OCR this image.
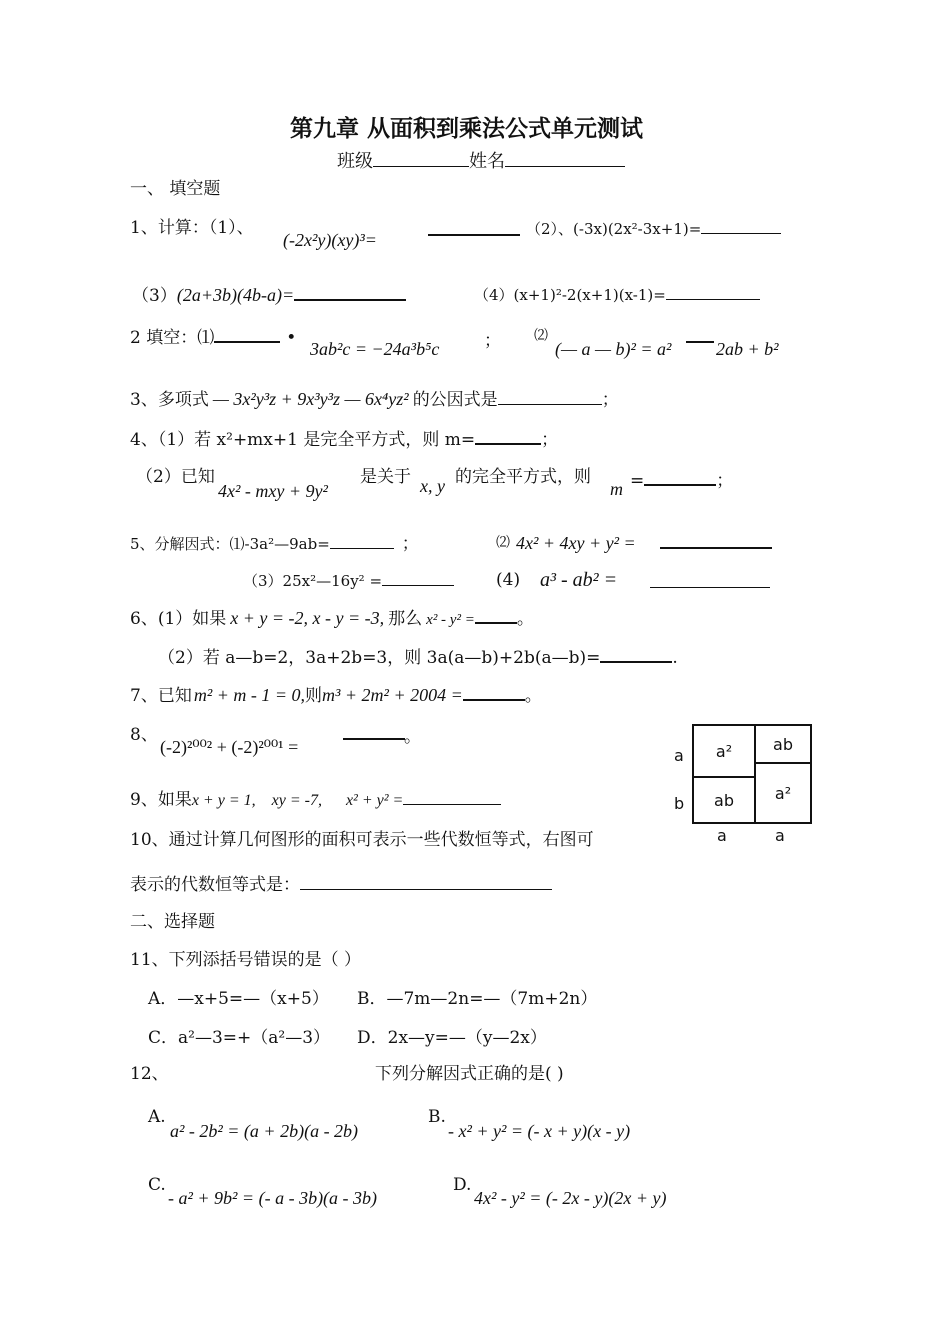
第九章 从面积到乘法公式单元测试
班级	姓名
一、 填空题
1、计算：（1）、
(-2x²y)(xy)³=
（2）、(-3x)(2x²-3x+1)=
（3）(2a+3b)(4b-a)=	（4）(x+1)²-2(x+1)(x-1)=
2 填空：⑴	•
3ab²c = −24a³b⁵c	； ⑵
(— a — b)² = a² 2ab + b²
3、多项式 — 3x²y³z + 9x³y³z — 6x⁴yz² 的公因式是	；
4、（1）若 x²+mx+1 是完全平方式，则 m=	；
（2）已知
4x² - mxy + 9y²
是关于 x, y 的完全平方式，则
m =	；
5、分解因式：⑴-3a²—9ab=	；	⑵ 4x² + 4xy + y² =
（3）25x²—16y² =	(4) a³ - ab² =
6、(1）如果 x + y = -2, x - y = -3, 那么 x² - y² = 。
（2）若 a—b=2，3a+2b=3，则 3a(a—b)+2b(a—b)=	.
7、已知 m² + m - 1 = 0,则m³ + 2m² + 2004 =	。
8、
(-2)²⁰⁰² + (-2)²⁰⁰¹ =	。
9、如果x + y = 1,    xy = -7,      x² + y² =
10、通过计算几何图形的面积可表示一些代数恒等式，右图可
表示的代数恒等式是：
a²	ab
ab	a²
a
b
a	a
二、选择题
11、下列添括号错误的是（ ）
A．—x+5=—（x+5） B．—7m—2n=—（7m+2n）
C．a²—3=+（a²—3） D．2x—y=—（y—2x）
12、	下列分解因式正确的是( )
A.
a² - 2b² = (a + 2b)(a - 2b)
B.
- x² + y² = (- x + y)(x - y)
C.
- a² + 9b² = (- a - 3b)(a - 3b)
D.
4x² - y² = (- 2x - y)(2x + y)
